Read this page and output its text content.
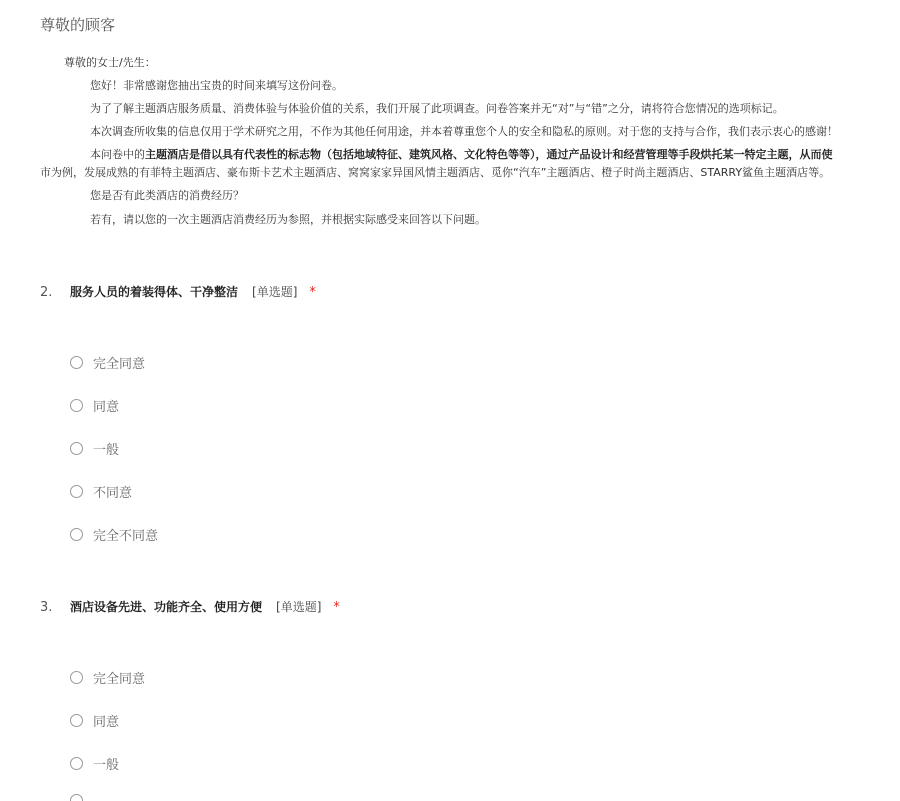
尊敬的顾客
尊敬的女士/先生：
您好！非常感谢您抽出宝贵的时间来填写这份问卷。
为了了解主题酒店服务质量、消费体验与体验价值的关系，我们开展了此项调查。问卷答案并无“对”与“错”之分，请将符合您情况的选项标记。
本次调查所收集的信息仅用于学术研究之用，不作为其他任何用途，并本着尊重您个人的安全和隐私的原则。对于您的支持与合作，我们表示衷心的感谢！
本问卷中的主题酒店是借以具有代表性的标志物（包括地域特征、建筑风格、文化特色等等），通过产品设计和经营管理等手段烘托某一特定主题，从而使
市为例，发展成熟的有菲特主题酒店、豪布斯卡艺术主题酒店、窝窝家家异国风情主题酒店、觅你“汽车”主题酒店、橙子时尚主题酒店、STARRY鲨鱼主题酒店等。
您是否有此类酒店的消费经历？
若有，请以您的一次主题酒店消费经历为参照，并根据实际感受来回答以下问题。
2. 服务人员的着装得体、干净整洁 [单选题] *
完全同意
同意
一般
不同意
完全不同意
3. 酒店设备先进、功能齐全、使用方便 [单选题] *
完全同意
同意
一般
